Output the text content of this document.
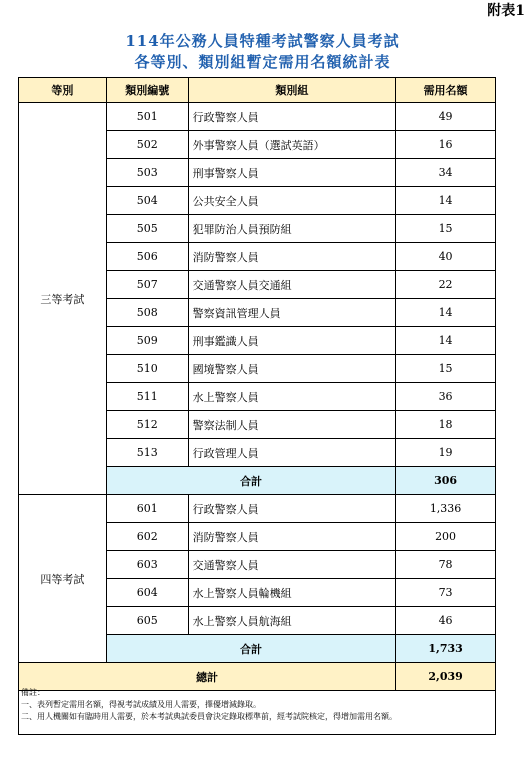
附表1
114年公務人員特種考試警察人員考試
各等別、類別組暫定需用名額統計表
等別	類別編號	類別組	需用名額
三等考試	501	行政警察人員	49
	502	外事警察人員（選試英語）	16
	503	刑事警察人員	34
	504	公共安全人員	14
	505	犯罪防治人員預防組	15
	506	消防警察人員	40
	507	交通警察人員交通組	22
	508	警察資訊管理人員	14
	509	刑事鑑識人員	14
	510	國境警察人員	15
	511	水上警察人員	36
	512	警察法制人員	18
	513	行政管理人員	19
	合計		306
四等考試	601	行政警察人員	1,336
	602	消防警察人員	200
	603	交通警察人員	78
	604	水上警察人員輪機組	73
	605	水上警察人員航海組	46
	合計		1,733
總計			2,039
備註：
一、表列暫定需用名額，得視考試成績及用人需要，擇優增減錄取。
二、用人機關如有臨時用人需要，於本考試典試委員會決定錄取標準前，經考試院核定，得增加需用名額。
